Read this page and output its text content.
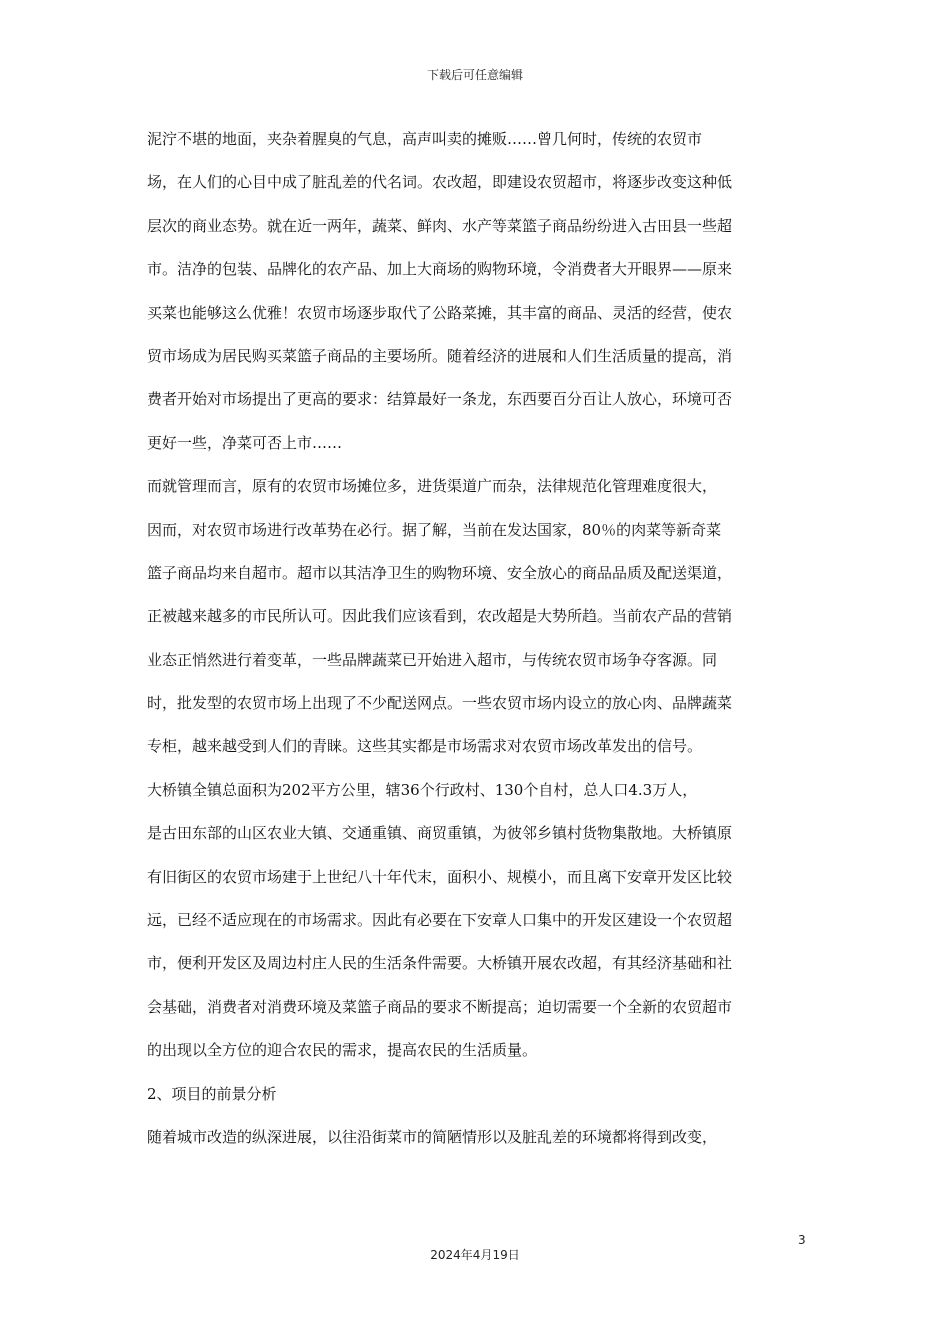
下载后可任意编辑
泥泞不堪的地面，夹杂着腥臭的气息，高声叫卖的摊贩……曾几何时，传统的农贸市
场，在人们的心目中成了脏乱差的代名词。农改超，即建设农贸超市，将逐步改变这种低
层次的商业态势。就在近一两年，蔬菜、鲜肉、水产等菜篮子商品纷纷进入古田县一些超
市。洁净的包装、品牌化的农产品、加上大商场的购物环境，令消费者大开眼界——原来
买菜也能够这么优雅！农贸市场逐步取代了公路菜摊，其丰富的商品、灵活的经营，使农
贸市场成为居民购买菜篮子商品的主要场所。随着经济的进展和人们生活质量的提高，消
费者开始对市场提出了更高的要求：结算最好一条龙，东西要百分百让人放心，环境可否
更好一些，净菜可否上市……
而就管理而言，原有的农贸市场摊位多，进货渠道广而杂，法律规范化管理难度很大，
因而，对农贸市场进行改革势在必行。据了解，当前在发达国家，80％的肉菜等新奇菜
篮子商品均来自超市。超市以其洁净卫生的购物环境、安全放心的商品品质及配送渠道，
正被越来越多的市民所认可。因此我们应该看到，农改超是大势所趋。当前农产品的营销
业态正悄然进行着变革，一些品牌蔬菜已开始进入超市，与传统农贸市场争夺客源。同
时，批发型的农贸市场上出现了不少配送网点。一些农贸市场内设立的放心肉、品牌蔬菜
专柜，越来越受到人们的青睐。这些其实都是市场需求对农贸市场改革发出的信号。
大桥镇全镇总面积为202平方公里，辖36个行政村、130个自村，总人口4.3万人，
是古田东部的山区农业大镇、交通重镇、商贸重镇，为彼邻乡镇村货物集散地。大桥镇原
有旧街区的农贸市场建于上世纪八十年代末，面积小、规模小，而且离下安章开发区比较
远，已经不适应现在的市场需求。因此有必要在下安章人口集中的开发区建设一个农贸超
市，便利开发区及周边村庄人民的生活条件需要。大桥镇开展农改超，有其经济基础和社
会基础，消费者对消费环境及菜篮子商品的要求不断提高；迫切需要一个全新的农贸超市
的出现以全方位的迎合农民的需求，提高农民的生活质量。
2、项目的前景分析
随着城市改造的纵深进展，以往沿街菜市的简陋情形以及脏乱差的环境都将得到改变，
3
2024年4月19日
